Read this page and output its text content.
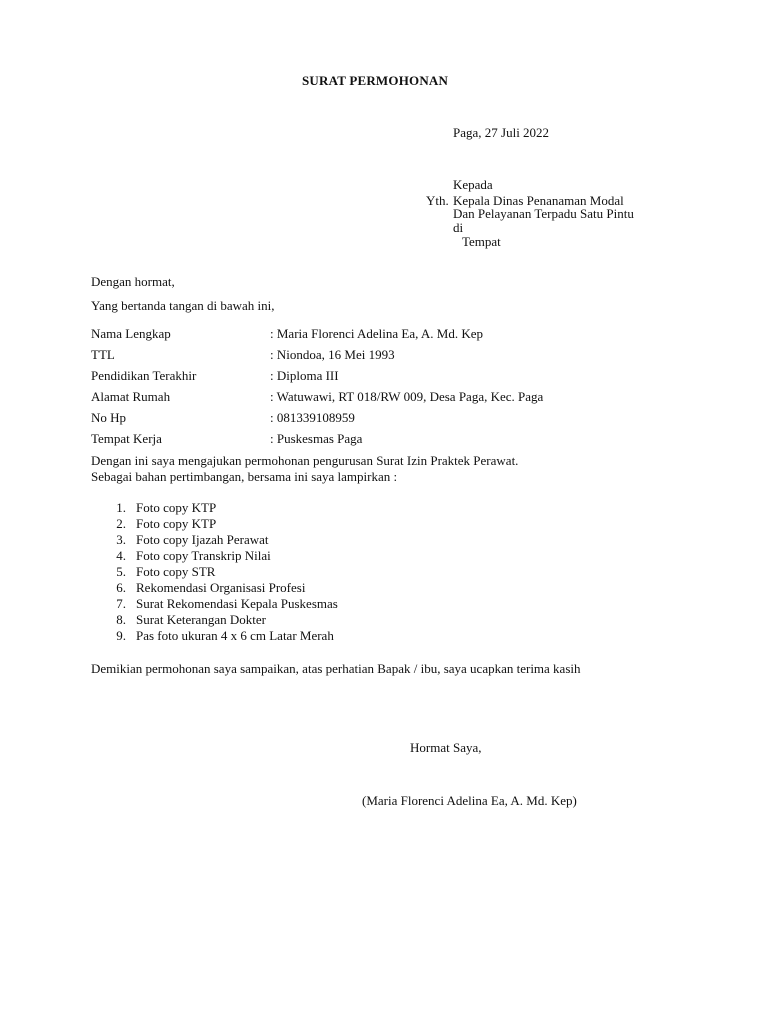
SURAT PERMOHONAN
Paga, 27 Juli 2022
Kepada
Yth. Kepala Dinas Penanaman Modal
Dan Pelayanan Terpadu Satu Pintu
di
Tempat
Dengan hormat,
Yang bertanda tangan di bawah ini,
Nama Lengkap	: Maria Florenci Adelina Ea, A. Md. Kep
TTL	: Niondoa, 16 Mei 1993
Pendidikan Terakhir	: Diploma III
Alamat Rumah	: Watuwawi, RT 018/RW 009, Desa Paga, Kec. Paga
No Hp	: 081339108959
Tempat Kerja	: Puskesmas Paga
Dengan ini saya mengajukan permohonan pengurusan Surat Izin Praktek Perawat.
Sebagai bahan pertimbangan, bersama ini saya lampirkan :
1. Foto copy KTP
2. Foto copy KTP
3. Foto copy Ijazah Perawat
4. Foto copy Transkrip Nilai
5. Foto copy STR
6. Rekomendasi Organisasi Profesi
7. Surat Rekomendasi Kepala Puskesmas
8. Surat Keterangan Dokter
9. Pas foto ukuran 4 x 6 cm Latar Merah
Demikian permohonan saya sampaikan, atas perhatian Bapak / ibu, saya ucapkan terima kasih
Hormat Saya,
(Maria Florenci Adelina Ea, A. Md. Kep)
